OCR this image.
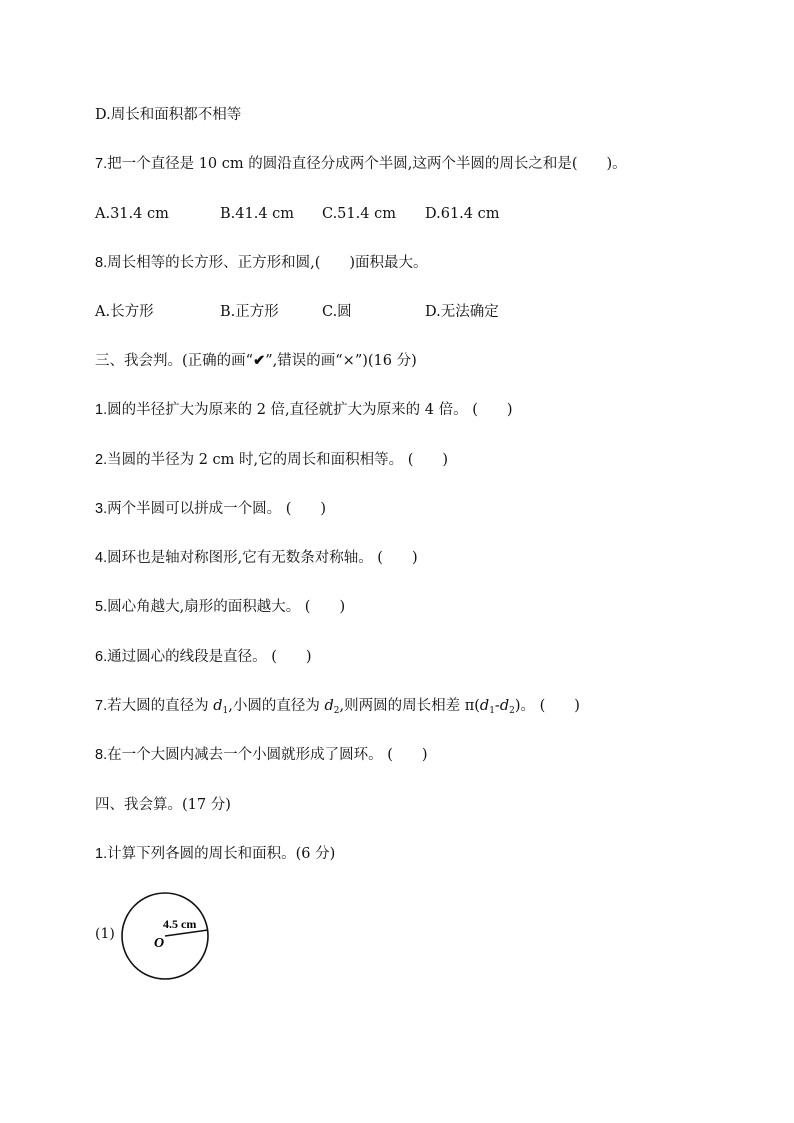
D.周长和面积都不相等
7.把一个直径是 10 cm 的圆沿直径分成两个半圆,这两个半圆的周长之和是(　　)。
A.31.4 cm	B.41.4 cm C.51.4 cm D.61.4 cm
8.周长相等的长方形、正方形和圆,(　　)面积最大。
A.长方形	B.正方形	C.圆	D.无法确定
三、我会判。(正确的画“✔”,错误的画“×”)(16 分)
1.圆的半径扩大为原来的 2 倍,直径就扩大为原来的 4 倍。 (　　)
2.当圆的半径为 2 cm 时,它的周长和面积相等。 (　　)
3.两个半圆可以拼成一个圆。 (　　)
4.圆环也是轴对称图形,它有无数条对称轴。 (　　)
5.圆心角越大,扇形的面积越大。 (　　)
6.通过圆心的线段是直径。 (　　)
7.若大圆的直径为 $d_1$,小圆的直径为 $d_2$,则两圆的周长相差 $\pi(d_1-d_2)$。 (　　)
8.在一个大圆内减去一个小圆就形成了圆环。 (　　)
四、我会算。(17 分)
1.计算下列各圆的周长和面积。(6 分)
(1)
4.5 cm
O
